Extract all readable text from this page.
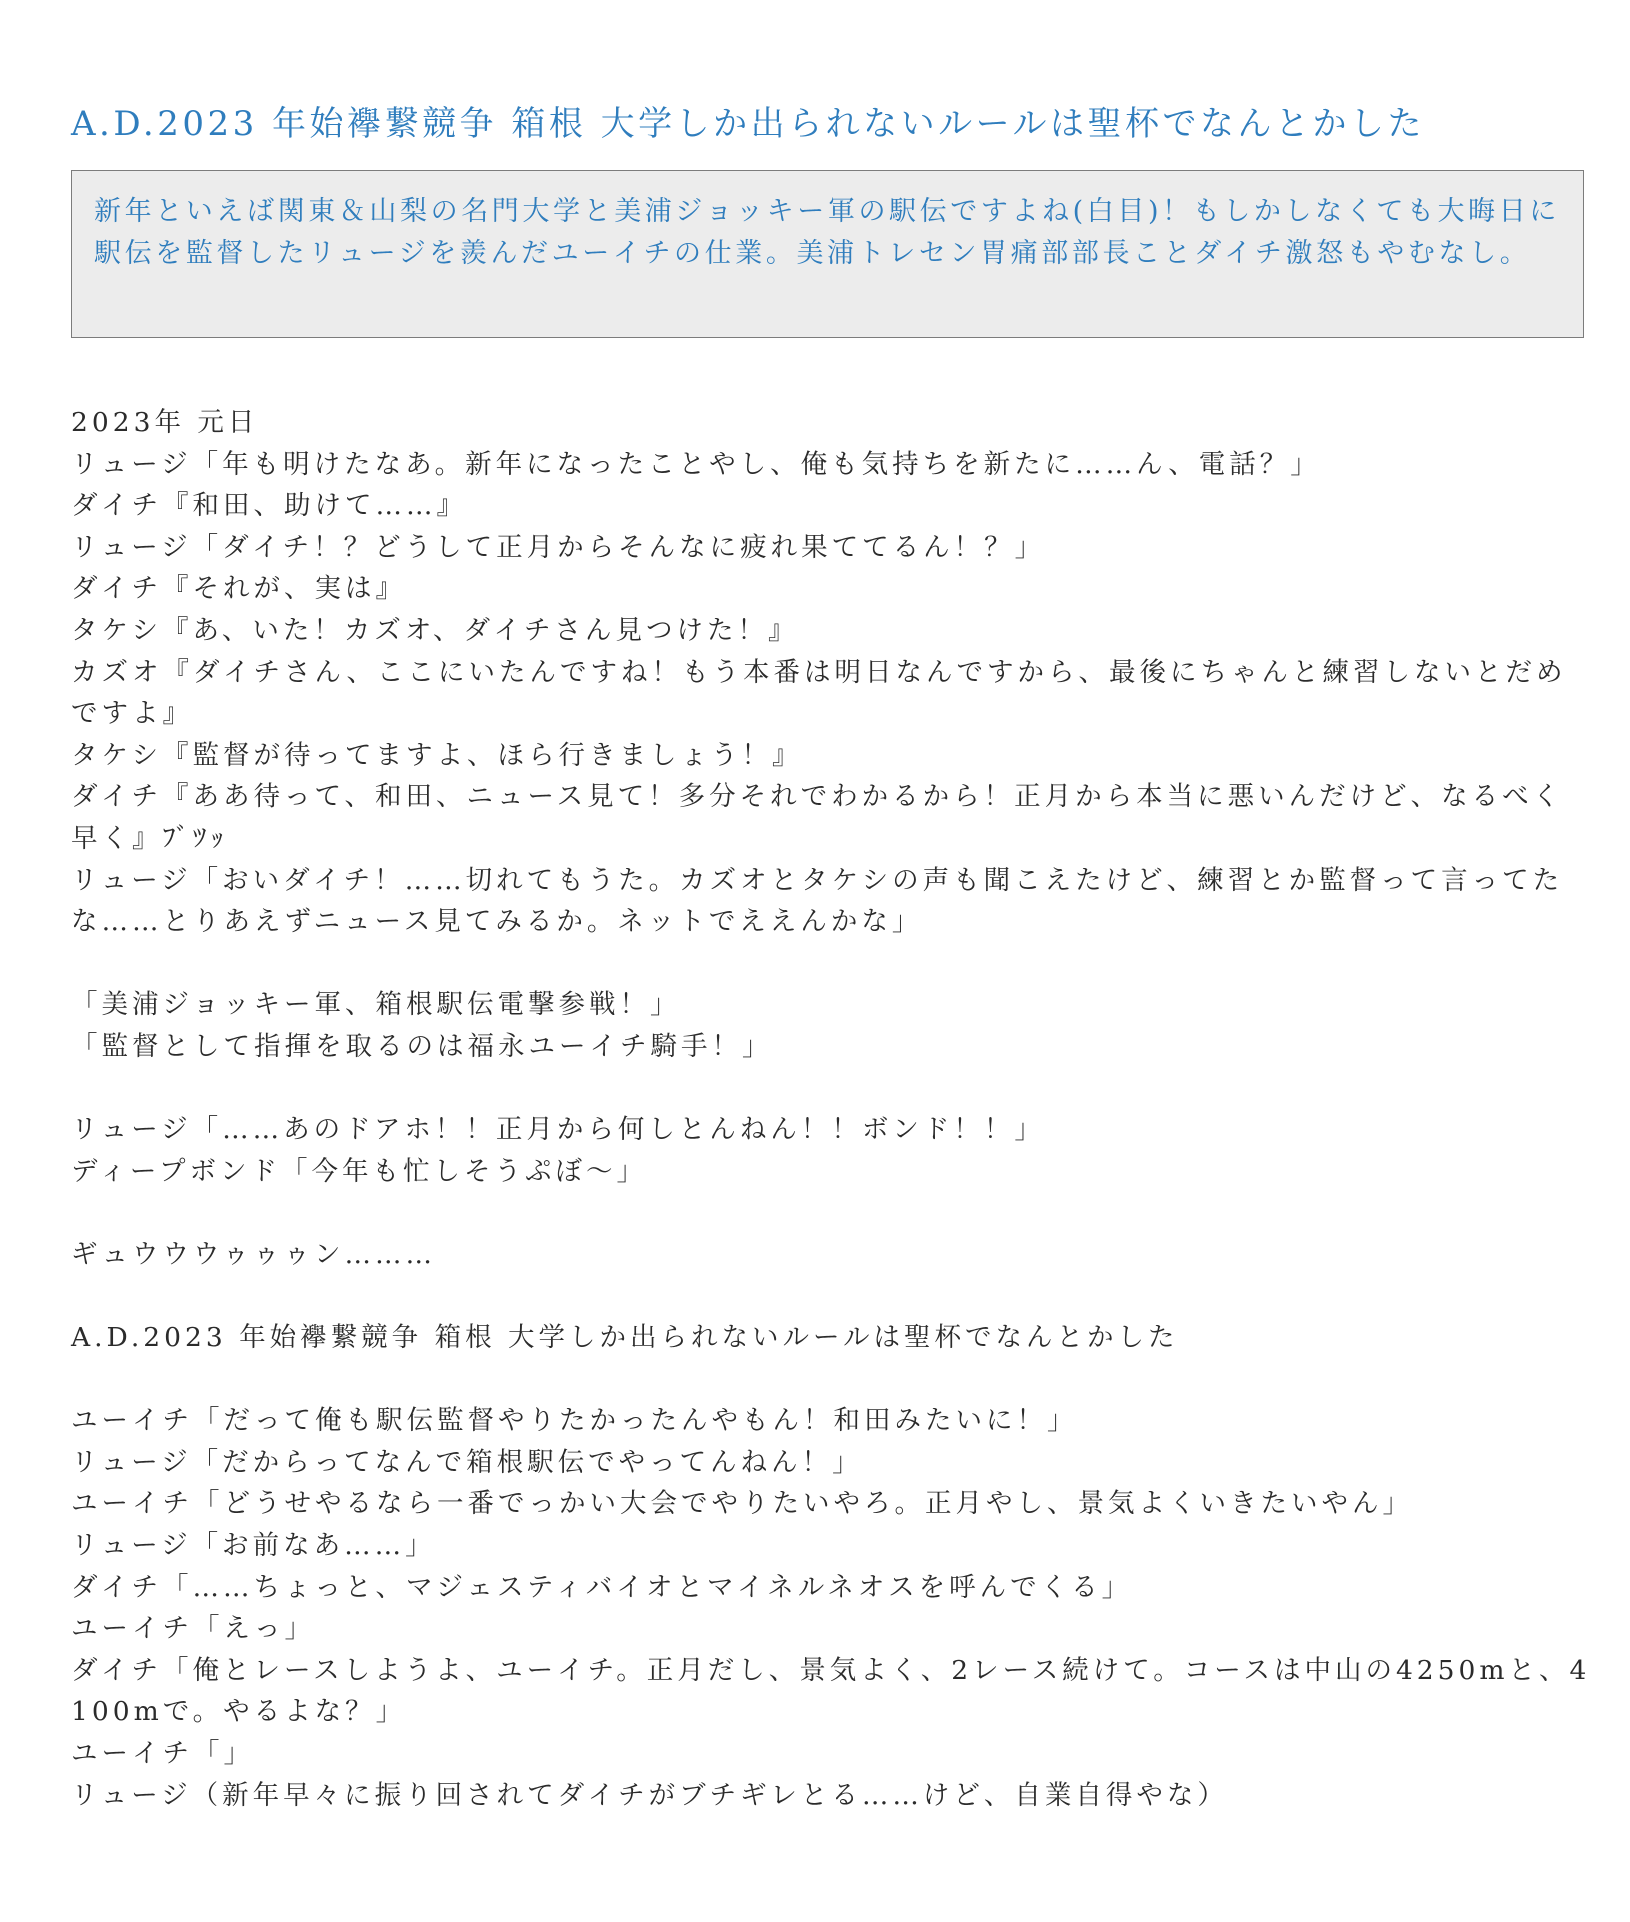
A.D.2023 年始襷繋競争 箱根 大学しか出られないルールは聖杯でなんとかした

新年といえば関東＆山梨の名門大学と美浦ジョッキー軍の駅伝ですよね(白目)！もしかしなくても大晦日に駅伝を監督したリュージを羨んだユーイチの仕業。美浦トレセン胃痛部部長ことダイチ激怒もやむなし。

2023年 元日
リュージ「年も明けたなあ。新年になったことやし、俺も気持ちを新たに……ん、電話？」
ダイチ『和田、助けて……』
リュージ「ダイチ！？どうして正月からそんなに疲れ果ててるん！？」
ダイチ『それが、実は』
タケシ『あ、いた！カズオ、ダイチさん見つけた！』
カズオ『ダイチさん、ここにいたんですね！もう本番は明日なんですから、最後にちゃんと練習しないとだめですよ』
タケシ『監督が待ってますよ、ほら行きましょう！』
ダイチ『ああ待って、和田、ニュース見て！多分それでわかるから！正月から本当に悪いんだけど、なるべく早く』ﾌﾞﾂｯ
リュージ「おいダイチ！……切れてもうた。カズオとタケシの声も聞こえたけど、練習とか監督って言ってたな……とりあえずニュース見てみるか。ネットでええんかな」
「美浦ジョッキー軍、箱根駅伝電撃参戦！」
「監督として指揮を取るのは福永ユーイチ騎手！」
リュージ「……あのドアホ！！正月から何しとんねん！！ボンド！！」
ディープボンド「今年も忙しそうぷぼ～」
ギュウウウゥゥゥン………
A.D.2023 年始襷繋競争 箱根 大学しか出られないルールは聖杯でなんとかした
ユーイチ「だって俺も駅伝監督やりたかったんやもん！和田みたいに！」
リュージ「だからってなんで箱根駅伝でやってんねん！」
ユーイチ「どうせやるなら一番でっかい大会でやりたいやろ。正月やし、景気よくいきたいやん」
リュージ「お前なあ……」
ダイチ「……ちょっと、マジェスティバイオとマイネルネオスを呼んでくる」
ユーイチ「えっ」
ダイチ「俺とレースしようよ、ユーイチ。正月だし、景気よく、2レース続けて。コースは中山の4250mと、4100mで。やるよな？」
ユーイチ「」
リュージ（新年早々に振り回されてダイチがブチギレとる……けど、自業自得やな）
